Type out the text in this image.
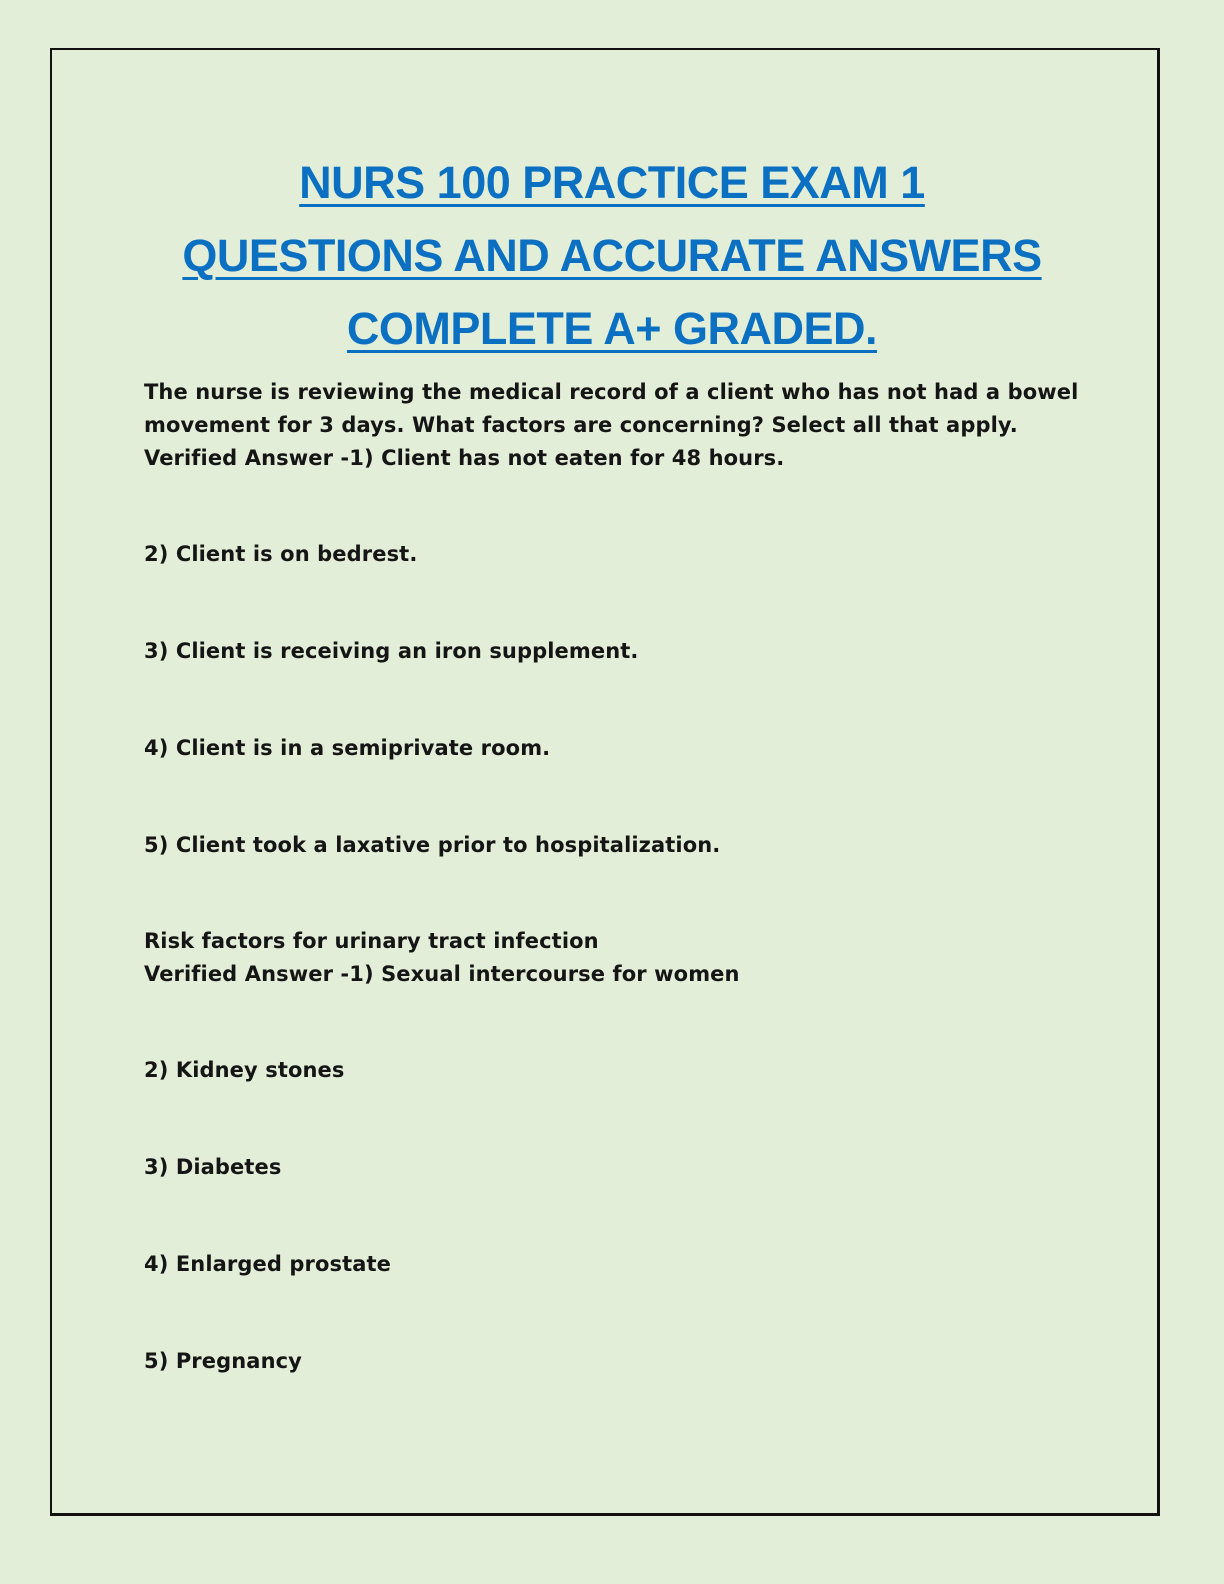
NURS 100 PRACTICE EXAM 1
QUESTIONS AND ACCURATE ANSWERS
COMPLETE A+ GRADED.

The nurse is reviewing the medical record of a client who has not had a bowel

movement for 3 days. What factors are concerning? Select all that apply.

Verified Answer -1) Client has not eaten for 48 hours.

2) Client is on bedrest.

3) Client is receiving an iron supplement.

4) Client is in a semiprivate room.

5) Client took a laxative prior to hospitalization.

Risk factors for urinary tract infection

Verified Answer -1) Sexual intercourse for women

2) Kidney stones

3) Diabetes

4) Enlarged prostate

5) Pregnancy
